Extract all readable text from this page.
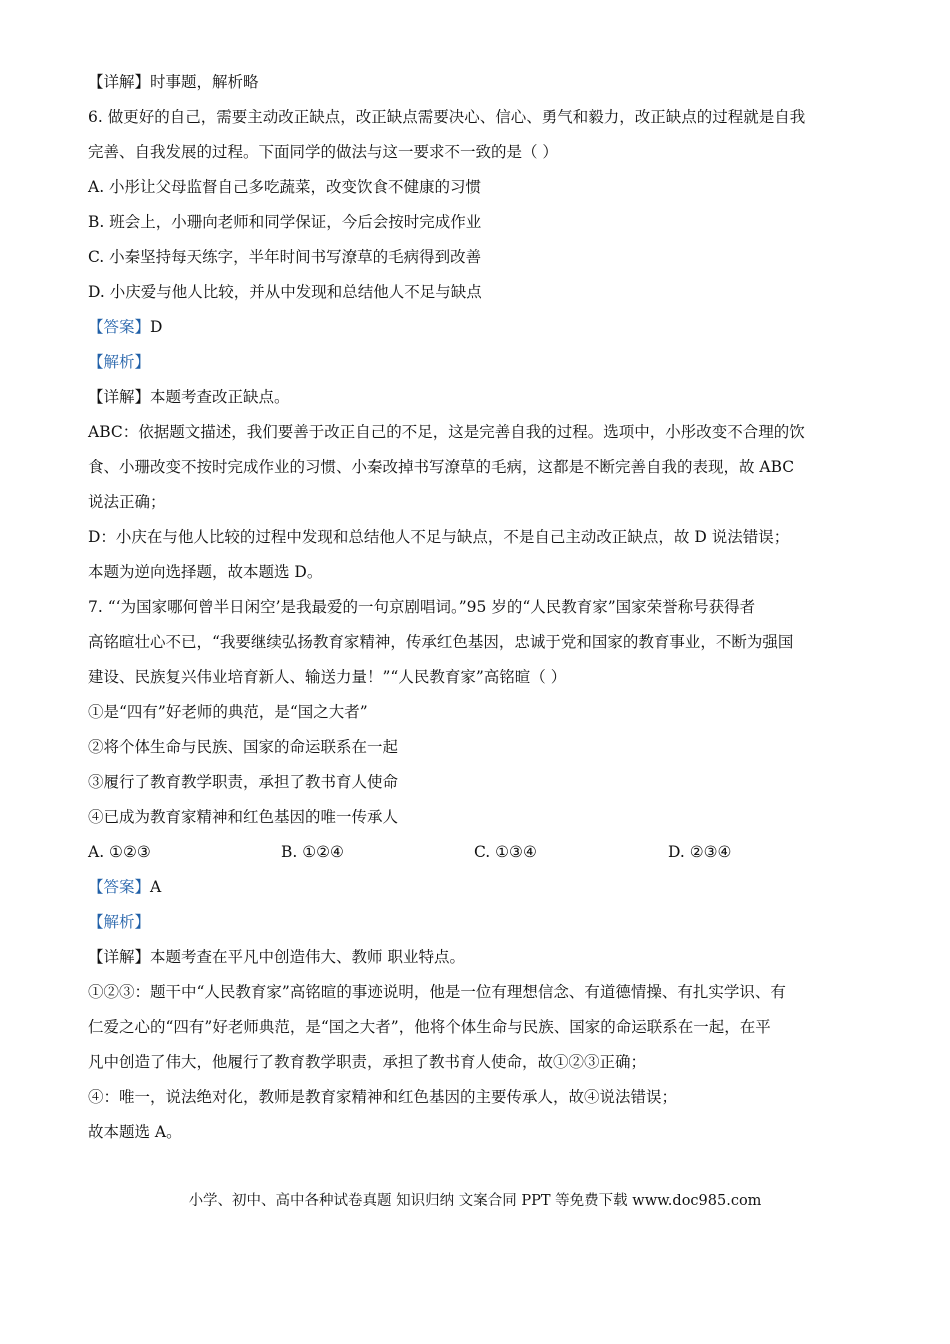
【详解】时事题，解析略
6. 做更好的自己，需要主动改正缺点，改正缺点需要决心、信心、勇气和毅力，改正缺点的过程就是自我
完善、自我发展的过程。下面同学的做法与这一要求不一致的是（ ）
A. 小彤让父母监督自己多吃蔬菜，改变饮食不健康的习惯
B. 班会上，小珊向老师和同学保证，今后会按时完成作业
C. 小秦坚持每天练字，半年时间书写潦草的毛病得到改善
D. 小庆爱与他人比较，并从中发现和总结他人不足与缺点
【答案】D
【解析】
【详解】本题考查改正缺点。
ABC：依据题文描述，我们要善于改正自己的不足，这是完善自我的过程。选项中，小彤改变不合理的饮
食、小珊改变不按时完成作业的习惯、小秦改掉书写潦草的毛病，这都是不断完善自我的表现，故 ABC
说法正确；
D：小庆在与他人比较的过程中发现和总结他人不足与缺点，不是自己主动改正缺点，故 D 说法错误；
本题为逆向选择题，故本题选 D。
7. “‘为国家哪何曾半日闲空’是我最爱的一句京剧唱词。”95 岁的“人民教育家”国家荣誉称号获得者
高铭暄壮心不已，“我要继续弘扬教育家精神，传承红色基因，忠诚于党和国家的教育事业，不断为强国
建设、民族复兴伟业培育新人、输送力量！”“人民教育家”高铭暄（ ）
①是“四有”好老师的典范，是“国之大者”
②将个体生命与民族、国家的命运联系在一起
③履行了教育教学职责，承担了教书育人使命
④已成为教育家精神和红色基因的唯一传承人
A. ①②③	B. ①②④	C. ①③④	D. ②③④
【答案】A
【解析】
【详解】本题考查在平凡中创造伟大、教师 职业特点。
①②③：题干中“人民教育家”高铭暄的事迹说明，他是一位有理想信念、有道德情操、有扎实学识、有
仁爱之心的“四有”好老师典范，是“国之大者”，他将个体生命与民族、国家的命运联系在一起，在平
凡中创造了伟大，他履行了教育教学职责，承担了教书育人使命，故①②③正确；
④：唯一，说法绝对化，教师是教育家精神和红色基因的主要传承人，故④说法错误；
故本题选 A。
小学、初中、高中各种试卷真题 知识归纳 文案合同 PPT 等免费下载 www.doc985.com
